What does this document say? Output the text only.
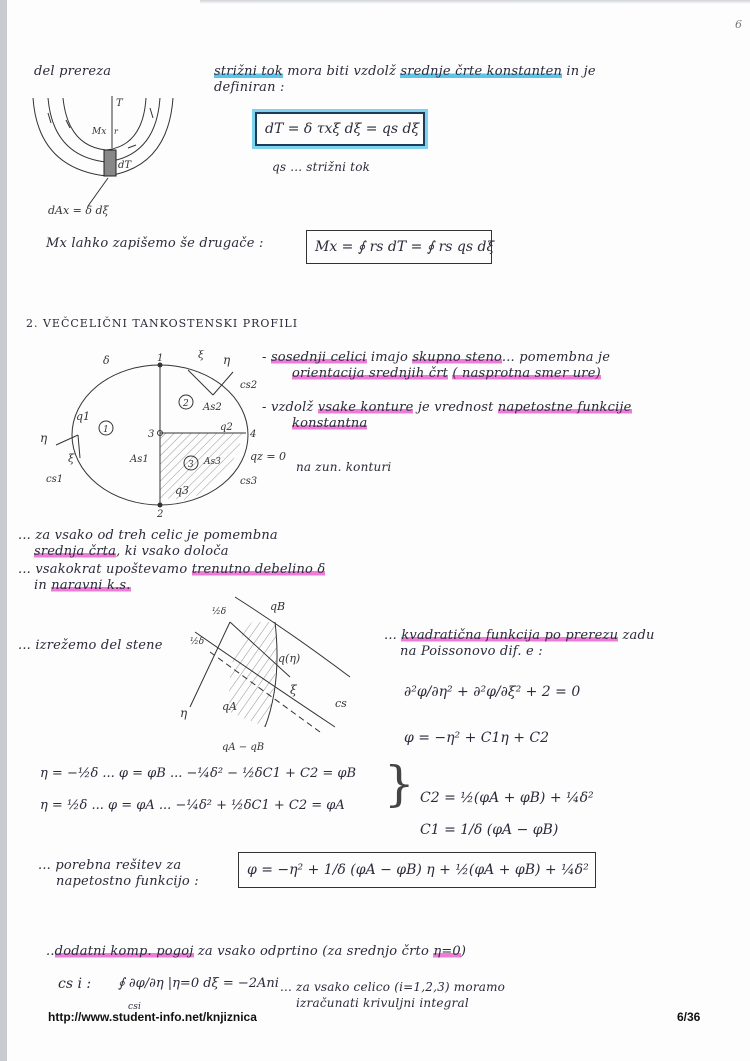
6
del prereza
Mx r
dT
T
dAx = δ dξ
strižni tok mora biti vzdolž srednje črte konstanten in je
definiran :
dT = δ τxξ dξ = qs dξ
qs ... strižni tok
Mx lahko zapišemo še drugače :	Mx = ∮ rs dT = ∮ rs qs dξ
2. VEČCELIČNI TANKOSTENSKI PROFILI
1
2
3
1
2
3	4
q1
q2
q3
As1
As2
As3
cs1
cs2
cs3
δ	η
ξ
η
ξ	qz = 0
- sosednji celici imajo skupno steno... pomembna je
orientacija srednjih črt ( nasprotna smer ure)
- vzdolž vsake konture je vrednost napetostne funkcije
konstantna
na zun. konturi
... za vsako od treh celic je pomembna
srednja črta, ki vsako določa
... vsakokrat upoštevamo trenutno debelino δ
in naravni k.s.
... izrežemo del stene
½δ
½δ
qB
qA
q(η)
ξ
η
cs
qA − qB
... kvadratična funkcija po prerezu zadu
na Poissonovo dif. e :
∂²φ/∂η² + ∂²φ/∂ξ² + 2 = 0
φ = −η² + C1η + C2
η = −½δ ... φ = φB ... −¼δ² − ½δC1 + C2 = φB
η = ½δ ... φ = φA ... −¼δ² + ½δC1 + C2 = φA } C2 = ½(φA + φB) + ¼δ²
C1 = 1/δ (φA − φB)
... porebna rešitev za
napetostno funkcijo :
φ = −η² + 1/δ (φA − φB) η + ½(φA + φB) + ¼δ²
..dodatni komp. pogoj za vsako odprtino (za srednjo črto η=0)
cs i : ∮ ∂φ/∂η |η=0 dξ = −2Ani
csi
... za vsako celico (i=1,2,3) moramo
izračunati krivuljni integral
http://www.student-info.net/knjiznica	6/36
